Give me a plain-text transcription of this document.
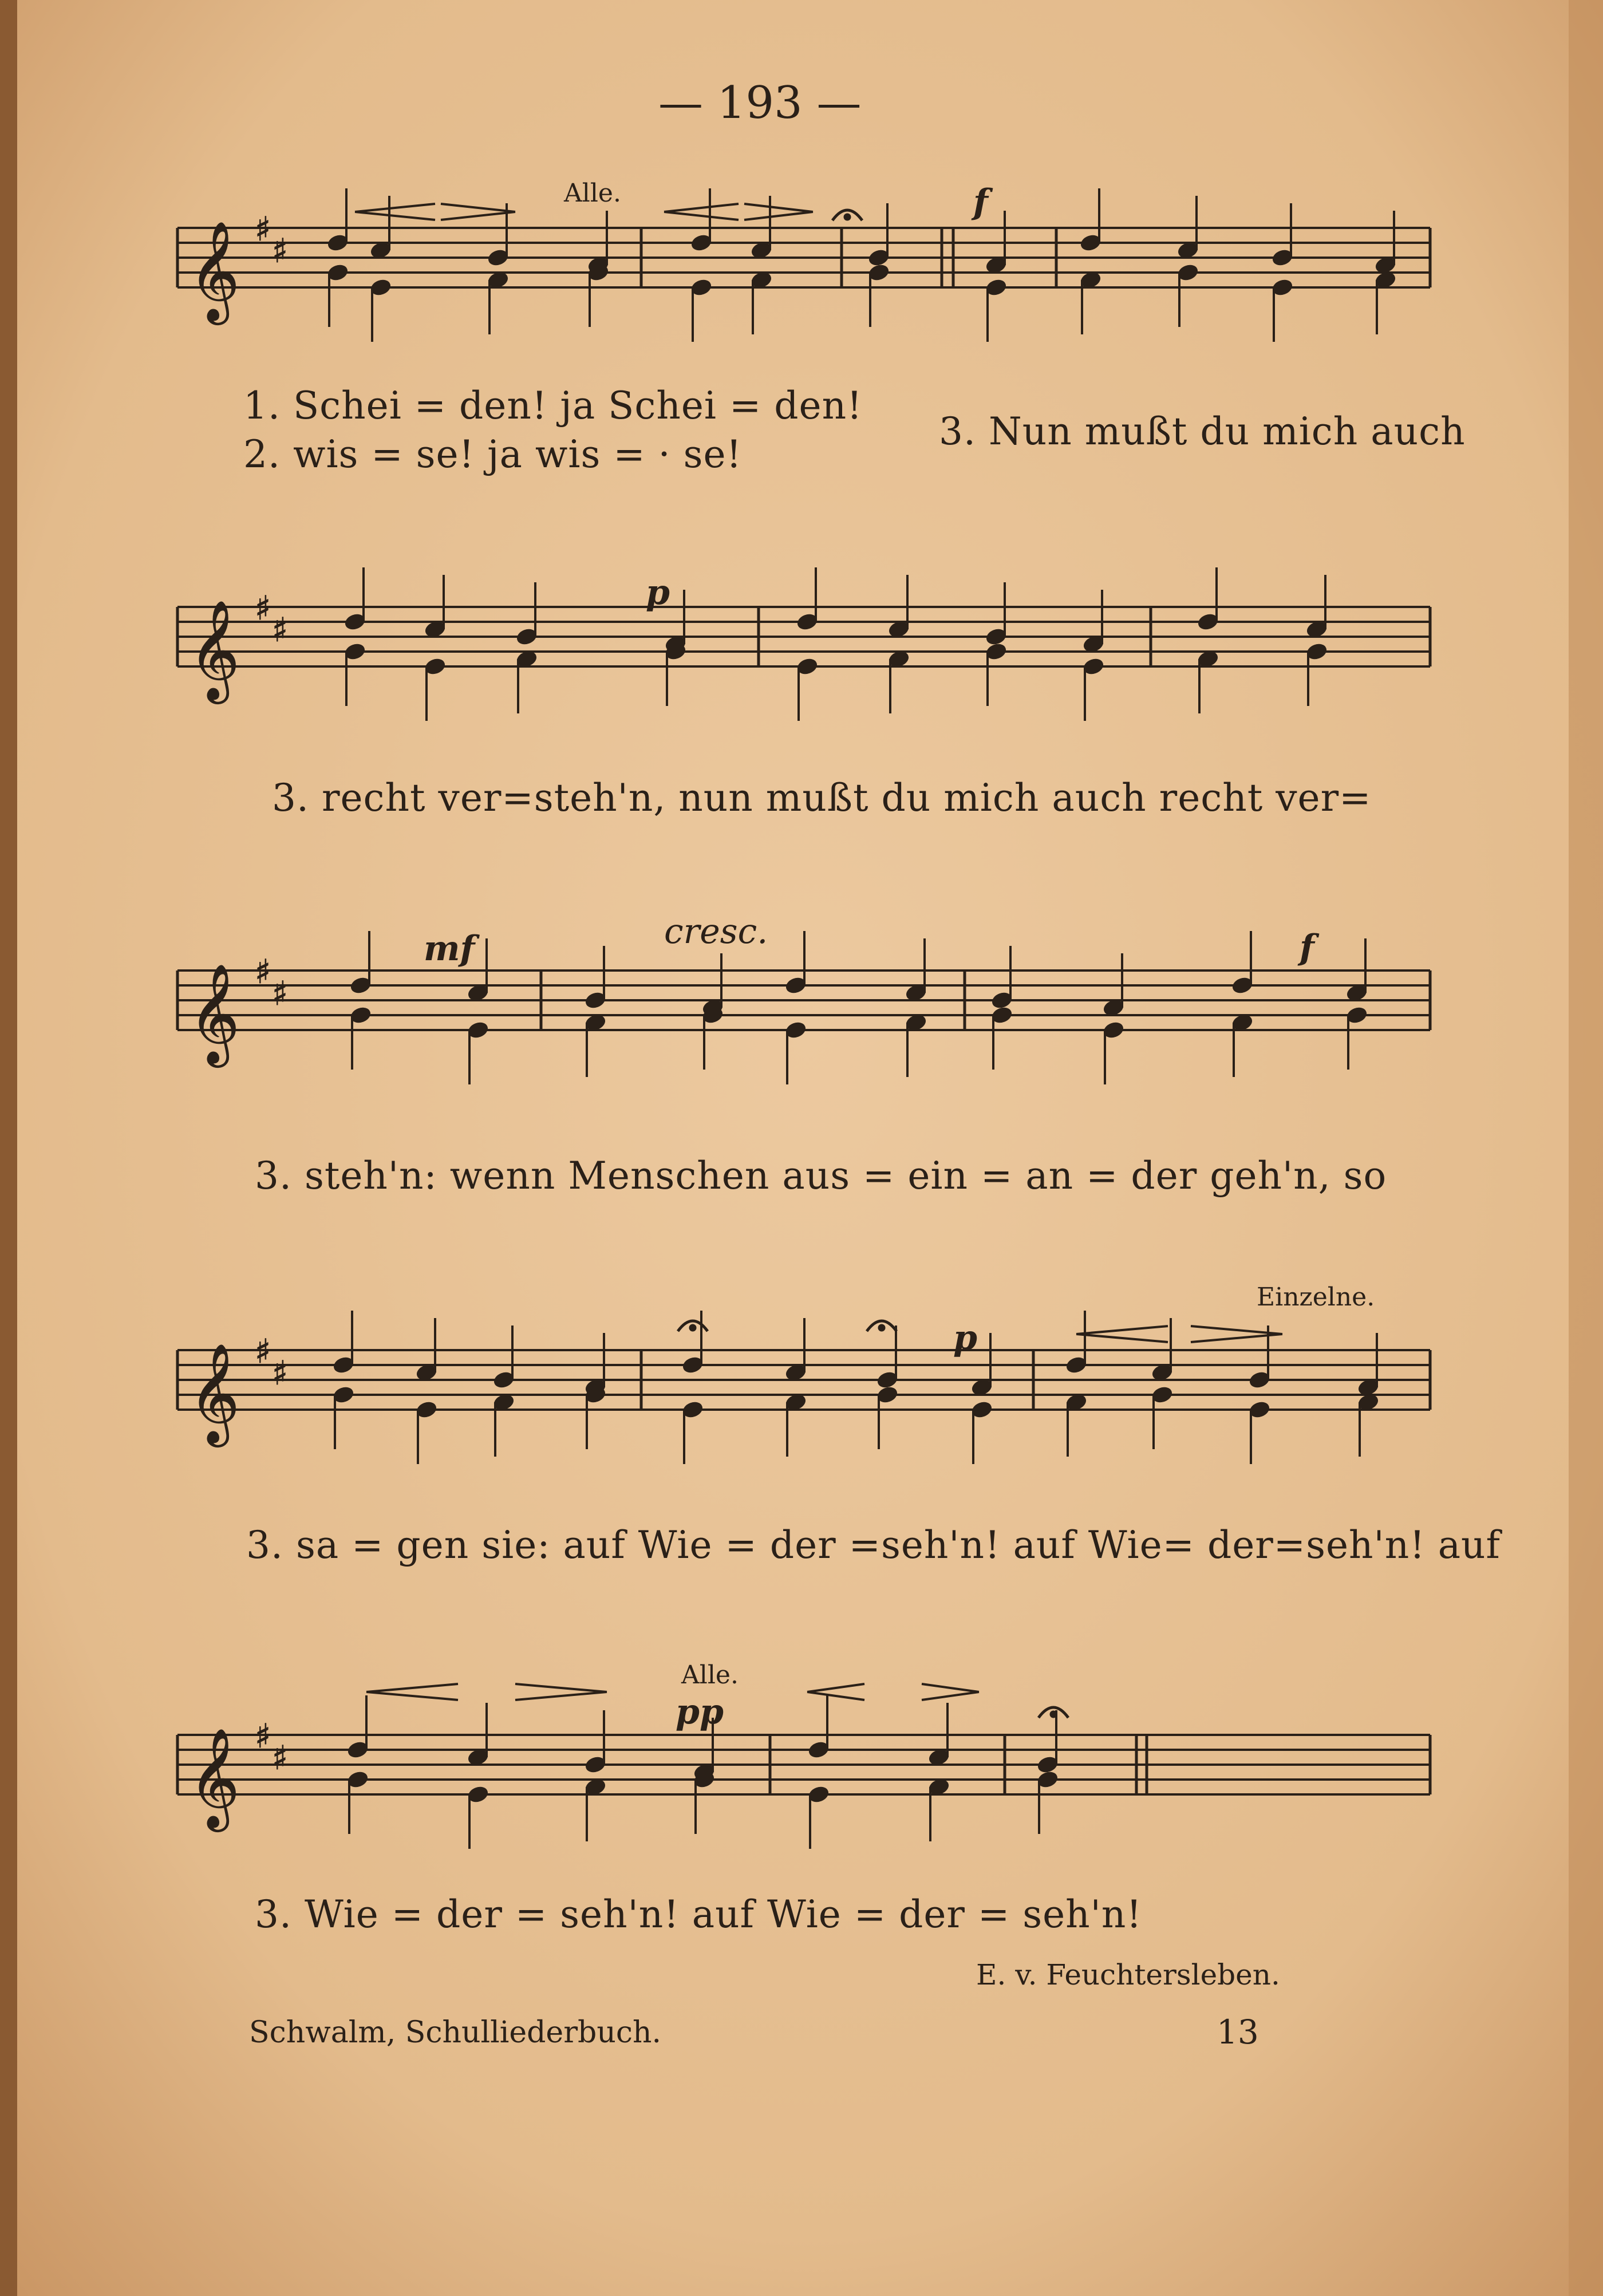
𝄞 ♯
♯
𝄞 ♯
♯
𝄞 ♯
♯
𝄞 ♯
♯
𝄞 ♯
♯
— 193 —
Alle.	f
1. Schei = den! ja Schei = den!
2. wis = se! ja wis = · se!
3. Nun mußt du mich auch
p
3. recht ver=steh'n, nun mußt du mich auch recht ver=
mf	cresc.	f
3. steh'n: wenn Menschen aus = ein = an = der geh'n, so
Einzelne.
p
3. sa = gen sie: auf Wie = der =seh'n! auf Wie= der=seh'n! auf
Alle.
pp
3. Wie = der = seh'n! auf Wie = der = seh'n!
E. v. Feuchtersleben.
Schwalm, Schulliederbuch.	13
